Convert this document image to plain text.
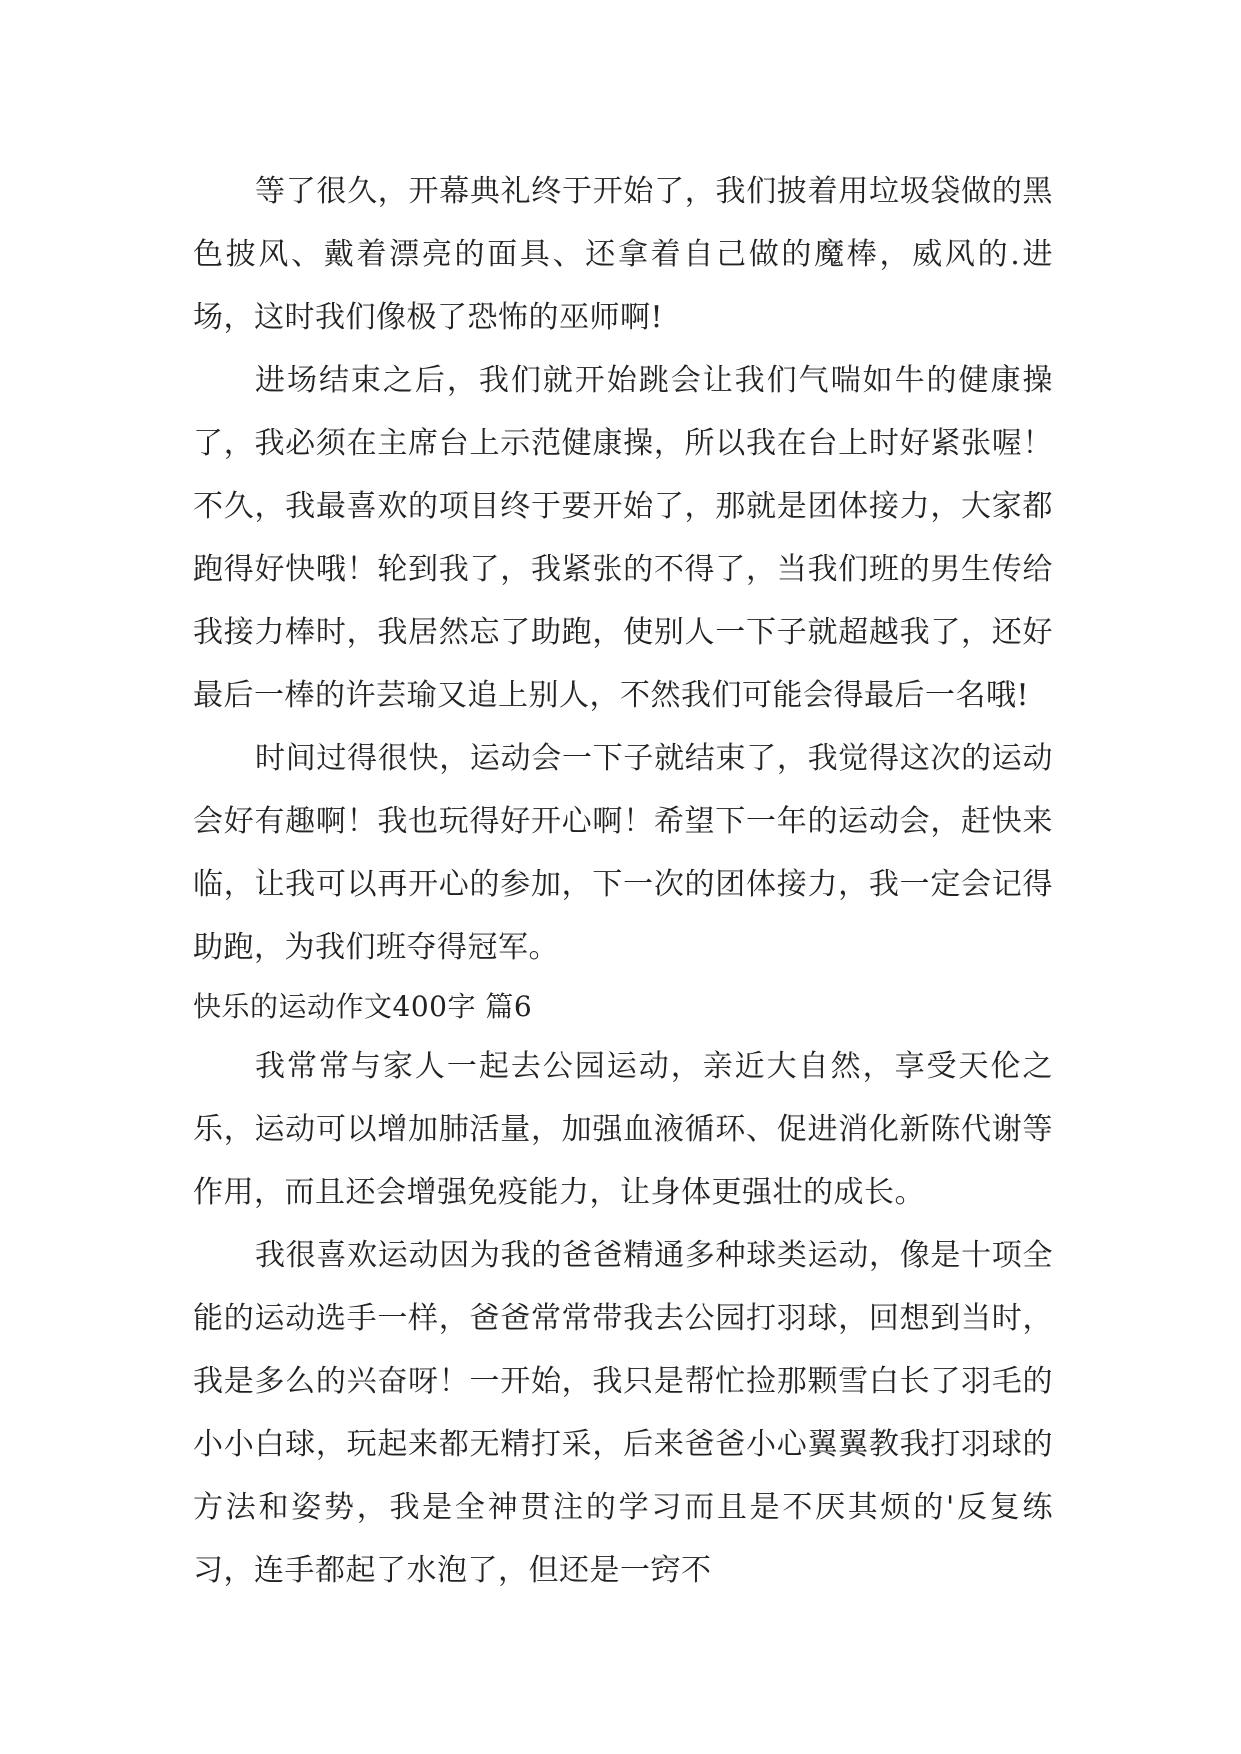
等了很久，开幕典礼终于开始了，我们披着用垃圾袋做的黑色披风、戴着漂亮的面具、还拿着自己做的魔棒，威风的.进场，这时我们像极了恐怖的巫师啊!

进场结束之后，我们就开始跳会让我们气喘如牛的健康操了，我必须在主席台上示范健康操，所以我在台上时好紧张喔！不久，我最喜欢的项目终于要开始了，那就是团体接力，大家都跑得好快哦！轮到我了，我紧张的不得了，当我们班的男生传给我接力棒时，我居然忘了助跑，使别人一下子就超越我了，还好最后一棒的许芸瑜又追上别人，不然我们可能会得最后一名哦!

时间过得很快，运动会一下子就结束了，我觉得这次的运动会好有趣啊！我也玩得好开心啊！希望下一年的运动会，赶快来临，让我可以再开心的参加，下一次的团体接力，我一定会记得助跑，为我们班夺得冠军。

快乐的运动作文400字 篇6

我常常与家人一起去公园运动，亲近大自然，享受天伦之乐，运动可以增加肺活量，加强血液循环、促进消化新陈代谢等作用，而且还会增强免疫能力，让身体更强壮的成长。

我很喜欢运动因为我的爸爸精通多种球类运动，像是十项全能的运动选手一样，爸爸常常带我去公园打羽球，回想到当时，我是多么的兴奋呀！一开始，我只是帮忙捡那颗雪白长了羽毛的小小白球，玩起来都无精打采，后来爸爸小心翼翼教我打羽球的方法和姿势，我是全神贯注的学习而且是不厌其烦的'反复练习，连手都起了水泡了，但还是一窍不
